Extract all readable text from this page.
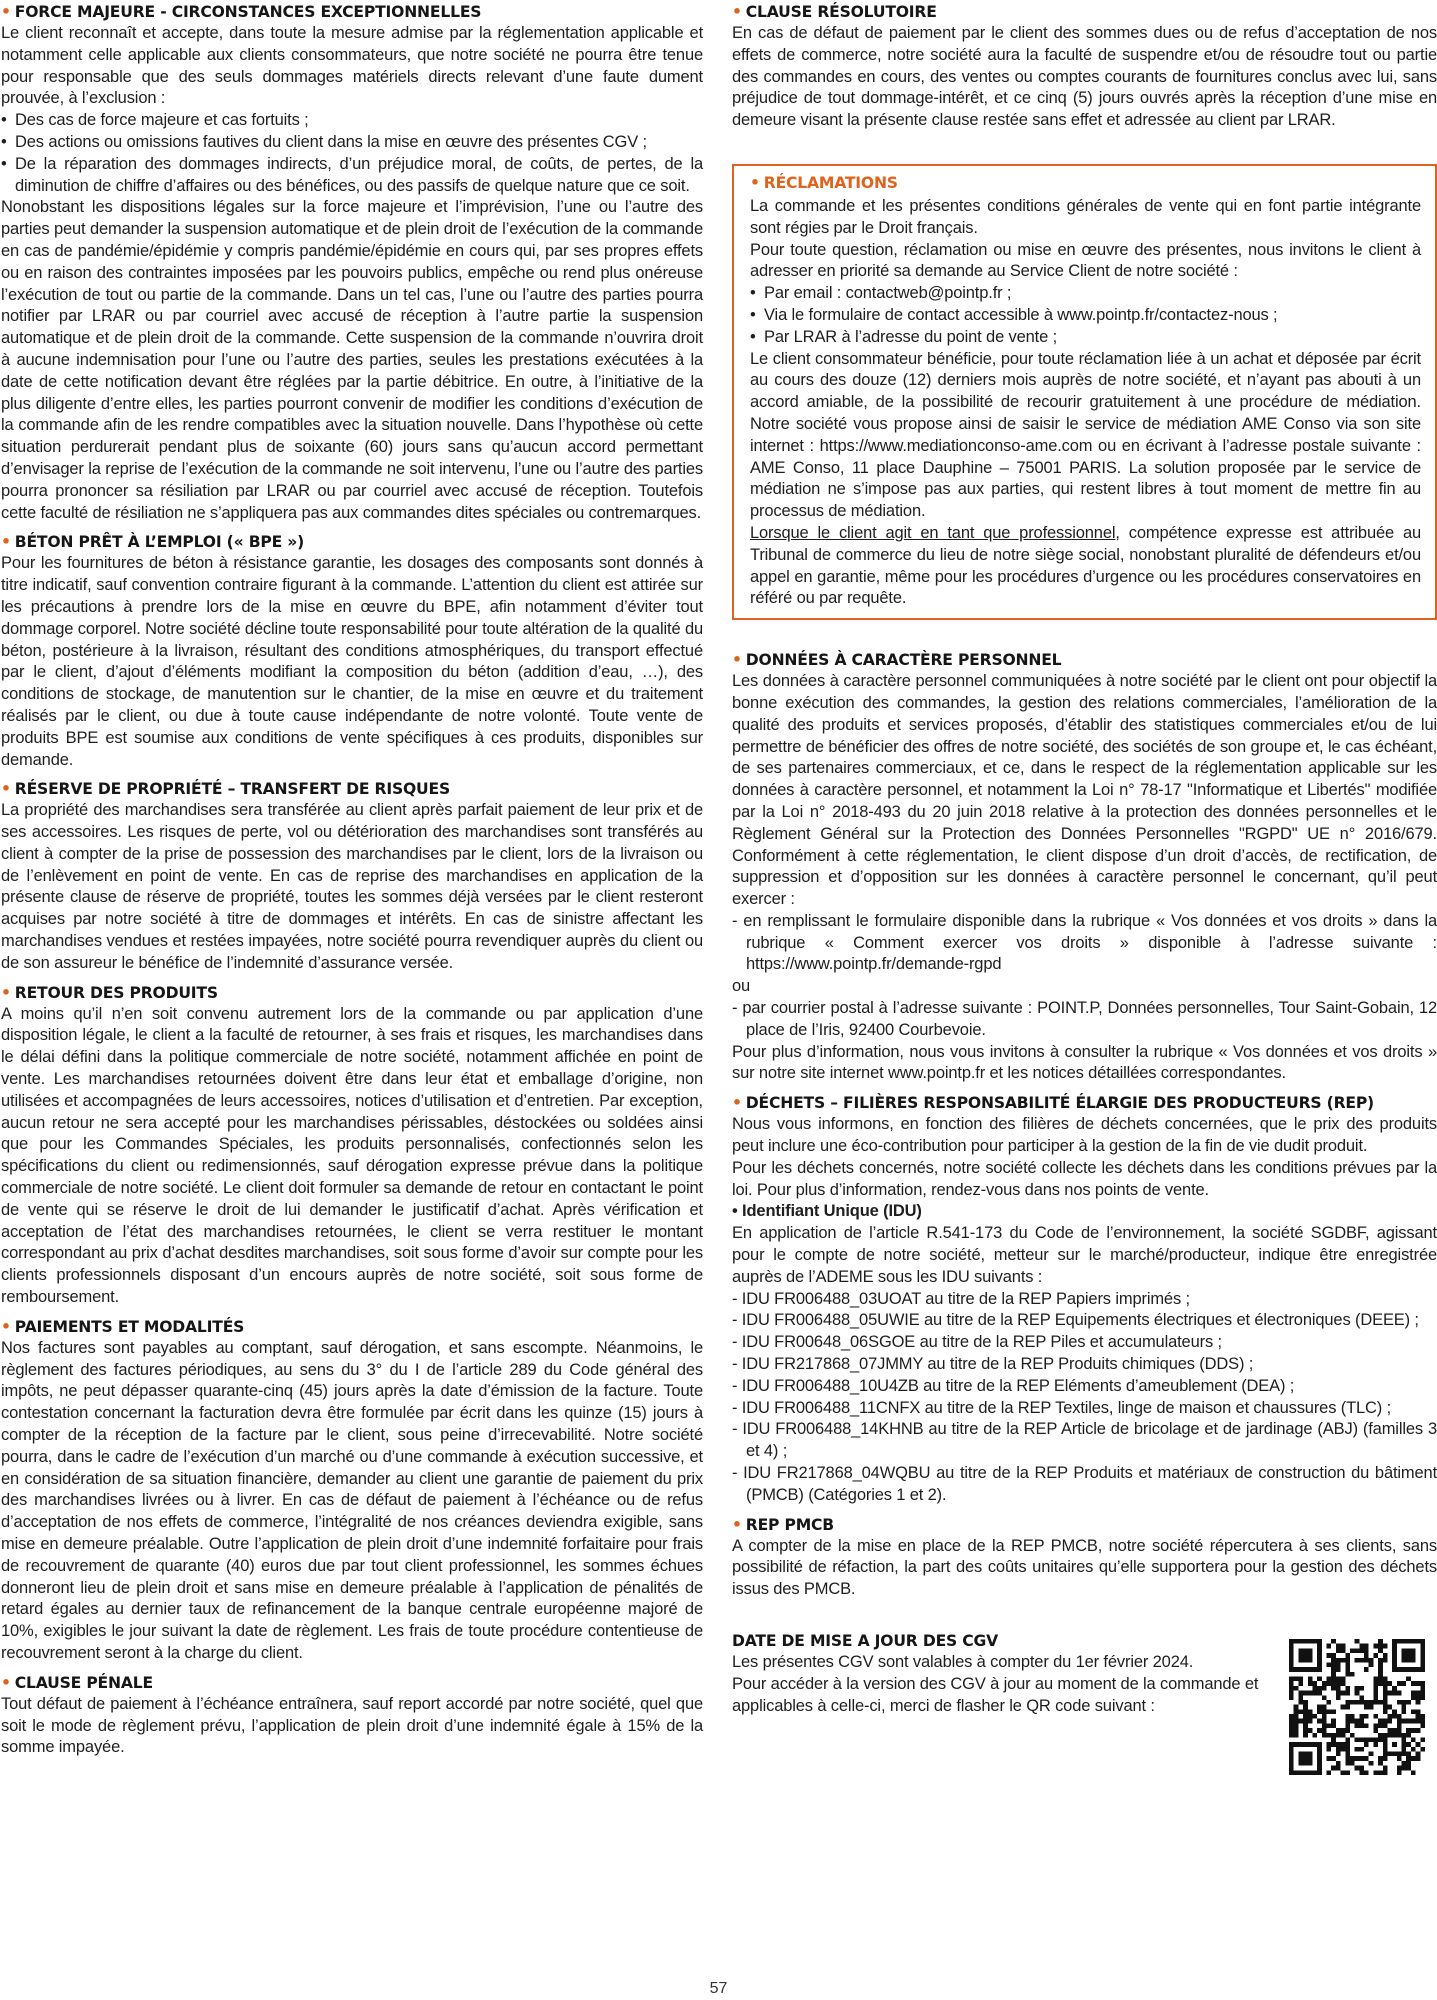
• FORCE MAJEURE - CIRCONSTANCES EXCEPTIONNELLES

Le client reconnaît et accepte, dans toute la mesure admise par la réglementation applicable et notamment celle applicable aux clients consommateurs, que notre société ne pourra être tenue pour responsable que des seuls dommages matériels directs relevant d’une faute dument prouvée, à l’exclusion :

• Des cas de force majeure et cas fortuits ;
• Des actions ou omissions fautives du client dans la mise en œuvre des présentes CGV ;
• De la réparation des dommages indirects, d’un préjudice moral, de coûts, de pertes, de la diminution de chiffre d’affaires ou des bénéfices, ou des passifs de quelque nature que ce soit.

Nonobstant les dispositions légales sur la force majeure et l’imprévision, l’une ou l’autre des parties peut demander la suspension automatique et de plein droit de l’exécution de la commande en cas de pandémie/épidémie y compris pandémie/épidémie en cours qui, par ses propres effets ou en raison des contraintes imposées par les pouvoirs publics, empêche ou rend plus onéreuse l’exécution de tout ou partie de la commande. Dans un tel cas, l’une ou l’autre des parties pourra notifier par LRAR ou par courriel avec accusé de réception à l’autre partie la suspension automatique et de plein droit de la commande. Cette suspension de la commande n’ouvrira droit à aucune indemnisation pour l’une ou l’autre des parties, seules les prestations exécutées à la date de cette notification devant être réglées par la partie débitrice. En outre, à l’initiative de la plus diligente d’entre elles, les parties pourront convenir de modifier les conditions d’exécution de la commande afin de les rendre compatibles avec la situation nouvelle. Dans l’hypothèse où cette situation perdurerait pendant plus de soixante (60) jours sans qu’aucun accord permettant d’envisager la reprise de l’exécution de la commande ne soit intervenu, l’une ou l’autre des parties pourra prononcer sa résiliation par LRAR ou par courriel avec accusé de réception. Toutefois cette faculté de résiliation ne s’appliquera pas aux commandes dites spéciales ou contremarques.

• BÉTON PRÊT À L’EMPLOI (« BPE »)

Pour les fournitures de béton à résistance garantie, les dosages des composants sont donnés à titre indicatif, sauf convention contraire figurant à la commande. L’attention du client est attirée sur les précautions à prendre lors de la mise en œuvre du BPE, afin notamment d’éviter tout dommage corporel. Notre société décline toute responsabilité pour toute altération de la qualité du béton, postérieure à la livraison, résultant des conditions atmosphériques, du transport effectué par le client, d’ajout d’éléments modifiant la composition du béton (addition d’eau, …), des conditions de stockage, de manutention sur le chantier, de la mise en œuvre et du traitement réalisés par le client, ou due à toute cause indépendante de notre volonté. Toute vente de produits BPE est soumise aux conditions de vente spécifiques à ces produits, disponibles sur demande.

• RÉSERVE DE PROPRIÉTÉ – TRANSFERT DE RISQUES

La propriété des marchandises sera transférée au client après parfait paiement de leur prix et de ses accessoires. Les risques de perte, vol ou détérioration des marchandises sont transférés au client à compter de la prise de possession des marchandises par le client, lors de la livraison ou de l’enlèvement en point de vente. En cas de reprise des marchandises en application de la présente clause de réserve de propriété, toutes les sommes déjà versées par le client resteront acquises par notre société à titre de dommages et intérêts. En cas de sinistre affectant les marchandises vendues et restées impayées, notre société pourra revendiquer auprès du client ou de son assureur le bénéfice de l’indemnité d’assurance versée.

• RETOUR DES PRODUITS

A moins qu’il n’en soit convenu autrement lors de la commande ou par application d’une disposition légale, le client a la faculté de retourner, à ses frais et risques, les marchandises dans le délai défini dans la politique commerciale de notre société, notamment affichée en point de vente. Les marchandises retournées doivent être dans leur état et emballage d’origine, non utilisées et accompagnées de leurs accessoires, notices d’utilisation et d’entretien. Par exception, aucun retour ne sera accepté pour les marchandises périssables, déstockées ou soldées ainsi que pour les Commandes Spéciales, les produits personnalisés, confectionnés selon les spécifications du client ou redimensionnés, sauf dérogation expresse prévue dans la politique commerciale de notre société. Le client doit formuler sa demande de retour en contactant le point de vente qui se réserve le droit de lui demander le justificatif d’achat. Après vérification et acceptation de l’état des marchandises retournées, le client se verra restituer le montant correspondant au prix d’achat desdites marchandises, soit sous forme d’avoir sur compte pour les clients professionnels disposant d’un encours auprès de notre société, soit sous forme de remboursement.

• PAIEMENTS ET MODALITÉS

Nos factures sont payables au comptant, sauf dérogation, et sans escompte. Néanmoins, le règlement des factures périodiques, au sens du 3° du I de l’article 289 du Code général des impôts, ne peut dépasser quarante-cinq (45) jours après la date d’émission de la facture. Toute contestation concernant la facturation devra être formulée par écrit dans les quinze (15) jours à compter de la réception de la facture par le client, sous peine d’irrecevabilité. Notre société pourra, dans le cadre de l’exécution d’un marché ou d’une commande à exécution successive, et en considération de sa situation financière, demander au client une garantie de paiement du prix des marchandises livrées ou à livrer. En cas de défaut de paiement à l’échéance ou de refus d’acceptation de nos effets de commerce, l’intégralité de nos créances deviendra exigible, sans mise en demeure préalable. Outre l’application de plein droit d’une indemnité forfaitaire pour frais de recouvrement de quarante (40) euros due par tout client professionnel, les sommes échues donneront lieu de plein droit et sans mise en demeure préalable à l’application de pénalités de retard égales au dernier taux de refinancement de la banque centrale européenne majoré de 10%, exigibles le jour suivant la date de règlement. Les frais de toute procédure contentieuse de recouvrement seront à la charge du client.

• CLAUSE PÉNALE

Tout défaut de paiement à l’échéance entraînera, sauf report accordé par notre société, quel que soit le mode de règlement prévu, l’application de plein droit d’une indemnité égale à 15% de la somme impayée.

• CLAUSE RÉSOLUTOIRE

En cas de défaut de paiement par le client des sommes dues ou de refus d’acceptation de nos effets de commerce, notre société aura la faculté de suspendre et/ou de résoudre tout ou partie des commandes en cours, des ventes ou comptes courants de fournitures conclus avec lui, sans préjudice de tout dommage-intérêt, et ce cinq (5) jours ouvrés après la réception d’une mise en demeure visant la présente clause restée sans effet et adressée au client par LRAR.

• RÉCLAMATIONS

La commande et les présentes conditions générales de vente qui en font partie intégrante sont régies par le Droit français.

Pour toute question, réclamation ou mise en œuvre des présentes, nous invitons le client à adresser en priorité sa demande au Service Client de notre société :

• Par email : contactweb@pointp.fr ;
• Via le formulaire de contact accessible à www.pointp.fr/contactez-nous ;
• Par LRAR à l’adresse du point de vente ;

Le client consommateur bénéficie, pour toute réclamation liée à un achat et déposée par écrit au cours des douze (12) derniers mois auprès de notre société, et n’ayant pas abouti à un accord amiable, de la possibilité de recourir gratuitement à une procédure de médiation. Notre société vous propose ainsi de saisir le service de médiation AME Conso via son site internet : https://www.mediationconso-ame.com ou en écrivant à l’adresse postale suivante : AME Conso, 11 place Dauphine – 75001 PARIS. La solution proposée par le service de médiation ne s’impose pas aux parties, qui restent libres à tout moment de mettre fin au processus de médiation.

Lorsque le client agit en tant que professionnel, compétence expresse est attribuée au Tribunal de commerce du lieu de notre siège social, nonobstant pluralité de défendeurs et/ou appel en garantie, même pour les procédures d’urgence ou les procédures conservatoires en référé ou par requête.

• DONNÉES À CARACTÈRE PERSONNEL

Les données à caractère personnel communiquées à notre société par le client ont pour objectif la bonne exécution des commandes, la gestion des relations commerciales, l’amélioration de la qualité des produits et services proposés, d’établir des statistiques commerciales et/ou de lui permettre de bénéficier des offres de notre société, des sociétés de son groupe et, le cas échéant, de ses partenaires commerciaux, et ce, dans le respect de la réglementation applicable sur les données à caractère personnel, et notamment la Loi n° 78-17 "Informatique et Libertés" modifiée par la Loi n° 2018-493 du 20 juin 2018 relative à la protection des données personnelles et le Règlement Général sur la Protection des Données Personnelles "RGPD" UE n° 2016/679. Conformément à cette réglementation, le client dispose d’un droit d’accès, de rectification, de suppression et d’opposition sur les données à caractère personnel le concernant, qu’il peut exercer :

- en remplissant le formulaire disponible dans la rubrique « Vos données et vos droits » dans la rubrique « Comment exercer vos droits » disponible à l’adresse suivante : https://www.pointp.fr/demande-rgpd

ou

- par courrier postal à l’adresse suivante : POINT.P, Données personnelles, Tour Saint-Gobain, 12 place de l’Iris, 92400 Courbevoie.

Pour plus d’information, nous vous invitons à consulter la rubrique « Vos données et vos droits » sur notre site internet www.pointp.fr et les notices détaillées correspondantes.

• DÉCHETS – FILIÈRES RESPONSABILITÉ ÉLARGIE DES PRODUCTEURS (REP)

Nous vous informons, en fonction des filières de déchets concernées, que le prix des produits peut inclure une éco-contribution pour participer à la gestion de la fin de vie dudit produit.

Pour les déchets concernés, notre société collecte les déchets dans les conditions prévues par la loi. Pour plus d’information, rendez-vous dans nos points de vente.

• Identifiant Unique (IDU)

En application de l’article R.541-173 du Code de l’environnement, la société SGDBF, agissant pour le compte de notre société, metteur sur le marché/producteur, indique être enregistrée auprès de l’ADEME sous les IDU suivants :

- IDU FR006488_03UOAT au titre de la REP Papiers imprimés ;
- IDU FR006488_05UWIE au titre de la REP Equipements électriques et électroniques (DEEE) ;
- IDU FR00648_06SGOE au titre de la REP Piles et accumulateurs ;
- IDU FR217868_07JMMY au titre de la REP Produits chimiques (DDS) ;
- IDU FR006488_10U4ZB au titre de la REP Eléments d’ameublement (DEA) ;
- IDU FR006488_11CNFX au titre de la REP Textiles, linge de maison et chaussures (TLC) ;
- IDU FR006488_14KHNB au titre de la REP Article de bricolage et de jardinage (ABJ) (familles 3 et 4) ;
- IDU FR217868_04WQBU au titre de la REP Produits et matériaux de construction du bâtiment (PMCB) (Catégories 1 et 2).
• REP PMCB

A compter de la mise en place de la REP PMCB, notre société répercutera à ses clients, sans possibilité de réfaction, la part des coûts unitaires qu’elle supportera pour la gestion des déchets issus des PMCB.

DATE DE MISE A JOUR DES CGV

Les présentes CGV sont valables à compter du 1er février 2024.

Pour accéder à la version des CGV à jour au moment de la commande et applicables à celle-ci, merci de flasher le QR code suivant :

57
